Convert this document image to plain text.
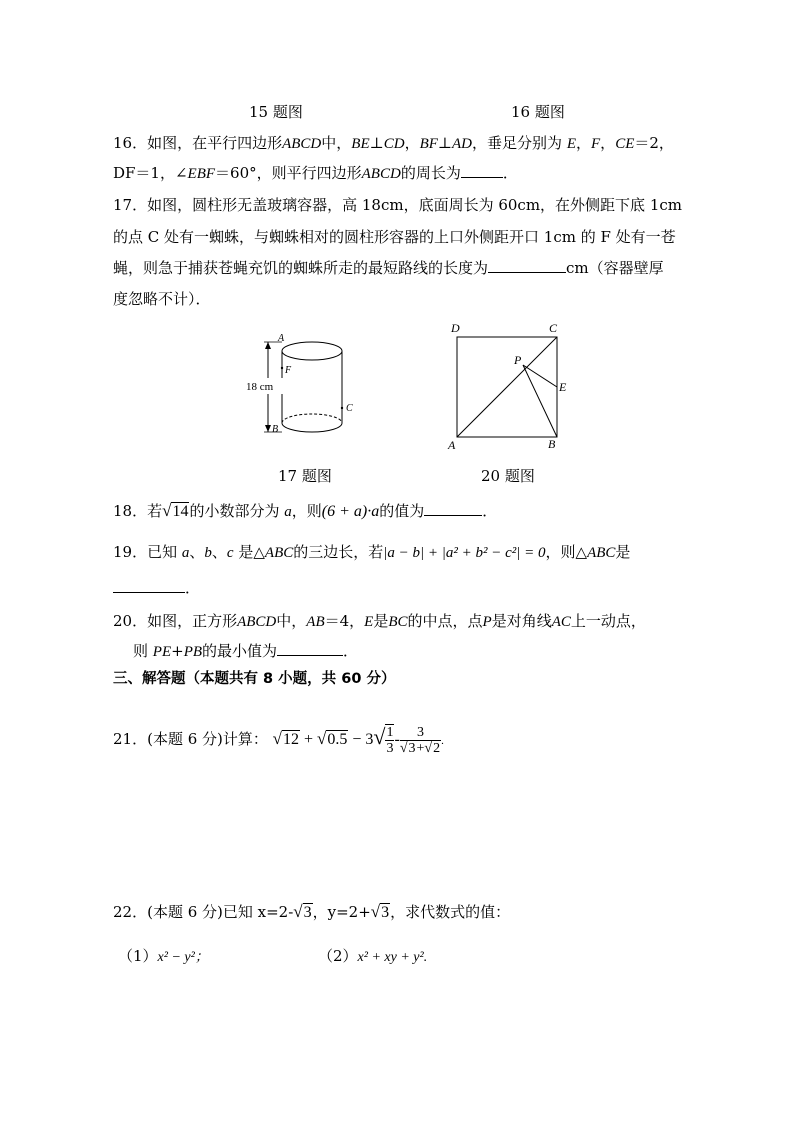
15 题图	16 题图
16．如图，在平行四边形ABCD中，BE⊥CD，BF⊥AD，垂足分别为 E，F，CE＝2，
DF＝1，∠EBF＝60°，则平行四边形ABCD的周长为	．
17．如图，圆柱形无盖玻璃容器，高 18cm，底面周长为 60cm，在外侧距下底 1cm
的点 C 处有一蜘蛛，与蜘蛛相对的圆柱形容器的上口外侧距开口 1cm 的 F 处有一苍
蝇，则急于捕获苍蝇充饥的蜘蛛所走的最短路线的长度为	cm（容器壁厚
度忽略不计）．
18 cm
A
F
C
B
17 题图
D	C
P
E
A	B
20 题图
18．若√14的小数部分为 a，则(6 + a)·a的值为	．
19．已知 a、b、c 是△ABC的三边长，若|a − b| + |a² + b² − c²| = 0，则△ABC是
．
20．如图，正方形ABCD中，AB＝4，E是BC的中点，点P是对角线AC上一动点，
则 PE+PB的最小值为	．
三、解答题（本题共有 8 小题，共 60 分）
21．(本题 6 分)计算： $√12 + √0.5 - 3√ \frac{1}{3} - \frac{3}{√3+√2}$ .
22．(本题 6 分)已知 x=2-√3，y=2+√3，求代数式的值：
（1）x² − y²；	（2）x² + xy + y².
